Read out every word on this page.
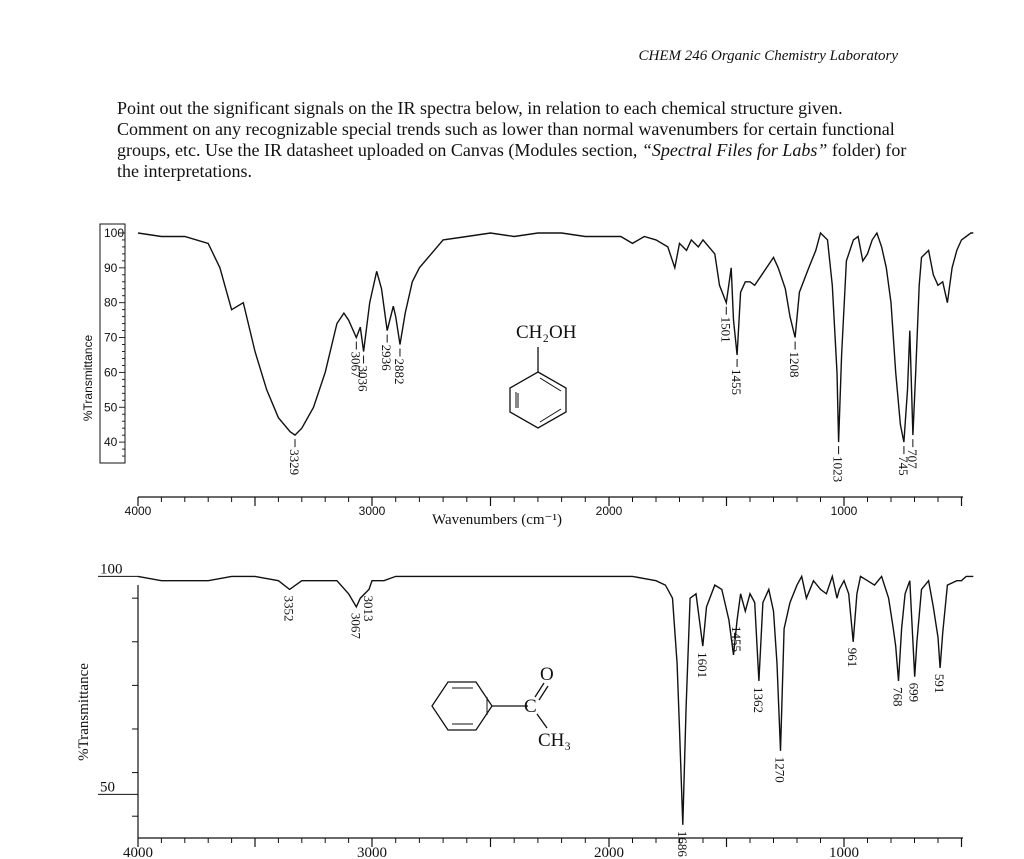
CHEM 246 Organic Chemistry Laboratory
Point out the significant signals on the IR spectra below, in relation to each chemical structure given. Comment on any recognizable special trends such as lower than normal wavenumbers for certain functional groups, etc. Use the IR datasheet uploaded on Canvas (Modules section, “Spectral Files for Labs” folder) for the interpretations.
100
90
80
70
60
50
40
4000	3000	2000	1000
%Transmittance
Wavenumbers (cm⁻¹)
3329
3067
3036
2936
2882
1501
1455
1208
1023	745
707
CH₂OH
100
50
4000	3000	2000	1000
%Transmittance
3352
3067
3013
1686
1601
1455
1362
1270
961
768 699 591
O
C
CH₃
